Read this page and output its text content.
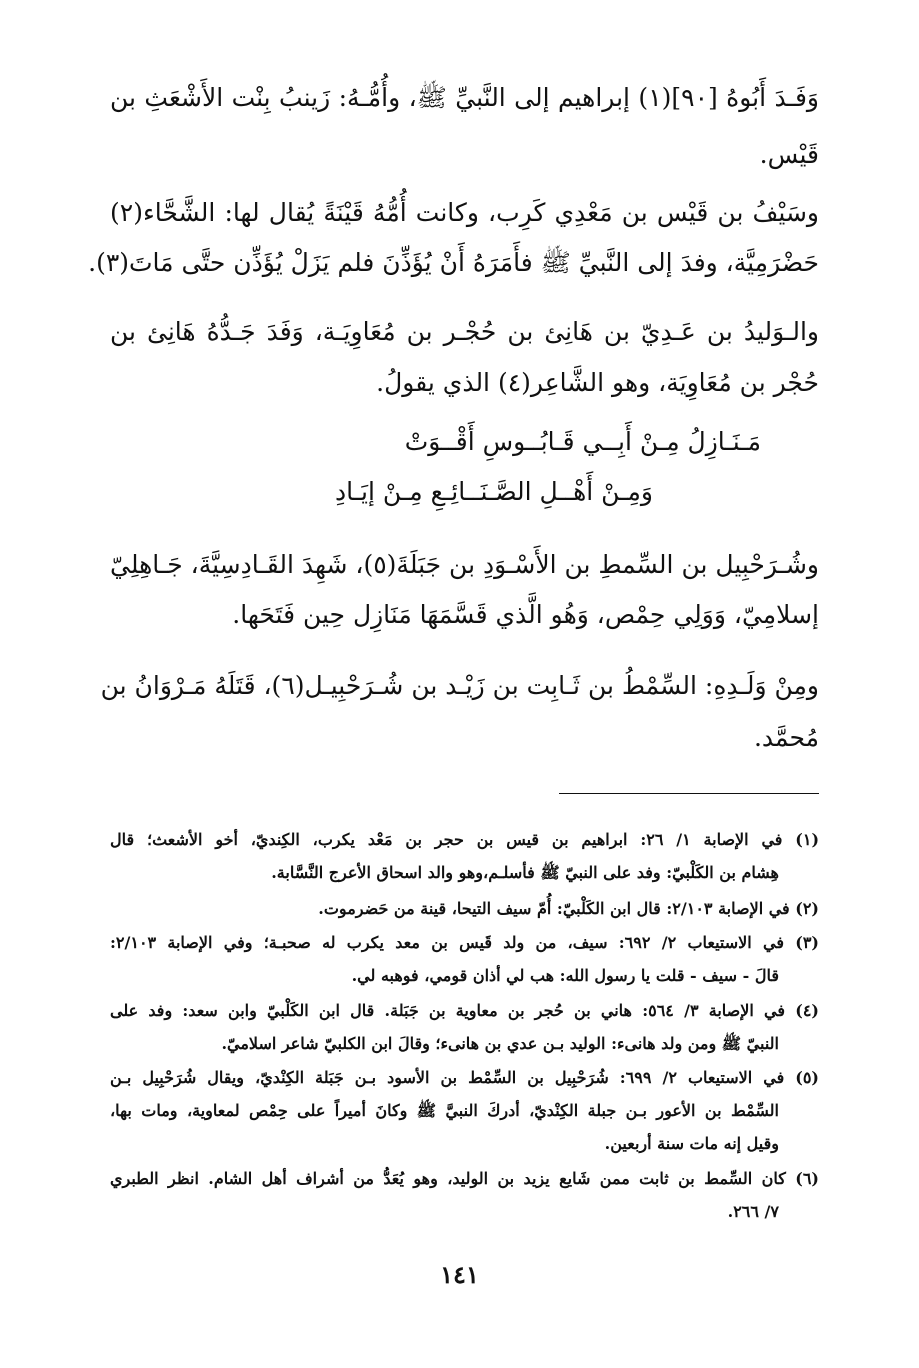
وَفَـدَ أَبُوهُ [٩٠](١) إبراهيم إلى النَّبيِّ ﷺ، وأُمُّـهُ: زَينبُ بِنْت الأَشْعَثِ بن
قَيْس.
وسَيْفُ بن قَيْس بن مَعْدِي كَرِب، وكانت أُمُّهُ قَيْنَةً يُقال لها: الشَّحَّاء(٢)
حَضْرَمِيَّة، وفدَ إلى النَّبيِّ ﷺ فأَمَرَهُ أَنْ يُؤَذِّنَ فلم يَزَلْ يُؤَذِّن حتَّى مَاتَ(٣).
والـوَليدُ بن عَـدِيّ بن هَانِئ بن حُجْـر بن مُعَاوِيَـة، وَفَدَ جَـدُّهُ هَانِئ بن
حُجْر بن مُعَاوِيَة، وهو الشَّاعِر(٤) الذي يقولُ.
مَـنَـازِلُ مِـنْ أَبِــي قَـابُــوسِ أَقْــوَتْ
وَمِـنْ أَهْــلِ الصَّـنَــائِـعِ مِـنْ إيَـادِ
وشُـرَحْبِيل بن السِّمطِ بن الأَسْـوَدِ بن جَبَلَةَ(٥)، شَهِدَ القَـادِسِيَّةَ، جَـاهِلِيّ
إسلامِيّ، وَوَلِي حِمْص، وَهُو الَّذي قَسَّمَهَا مَنَازِل حِين فَتَحَها.
ومِنْ وَلَـدِهِ: السِّمْطُ بن ثَـابِت بن زَيْـد بن شُـرَحْبِيـل(٦)، قَتَلَهُ مَـرْوَانُ بن
مُحمَّد.
(١) في الإصابة ١/ ٢٦: ابراهيم بن قيس بن حجر بن مَعْد يكرب، الكِنديّ، أخو الأشعث؛ قال
هِشام بن الكَلْبيّ: وفد على النبيّ ﷺ فأسلـم،وهو والد اسحاق الأعرج النَّسَّابة.
(٢) في الإصابة ٢/١٠٣: قال ابن الكَلْبيّ: أُمّ سيف التيحا، قينة من حَضرموت.
(٣) في الاستيعاب ٢/ ٦٩٢: سيف، من ولد قَيس بن معد يكرب له صحبـة؛ وفي الإصابة ٢/١٠٣:
قالَ - سيف - قلت يا رسول الله: هب لي أذان قومي، فوهبه لي.
(٤) في الإصابة ٣/ ٥٦٤: هاني بن حُجر بن معاوية بن جَبَلة. قال ابن الكَلْبيّ وابن سعد: وفد على
النبيّ ﷺ ومن ولد هانىء: الوليد بـن عدي بن هانىء؛ وقالَ ابن الكلبيّ شاعر اسلاميّ.
(٥) في الاستيعاب ٢/ ٦٩٩: شُرَحْبِيل بن السِّمْط بن الأسود بـن جَبَلة الكِنْديّ، ويقال شُرَحْبِيل بـن
السِّمْط بن الأعور بـن جبلة الكِنْديّ، أدركَ النبيَّ ﷺ وكانَ أميراً على حِمْص لمعاوية، ومات بها،
وقيل إنه مات سنة أربعين.
(٦) كان السِّمط بن ثابت ممن شَايع يزيد بن الوليد، وهو يُعَدُّ من أشراف أهل الشام. انظر الطبري
٧/ ٢٦٦.
١٤١
